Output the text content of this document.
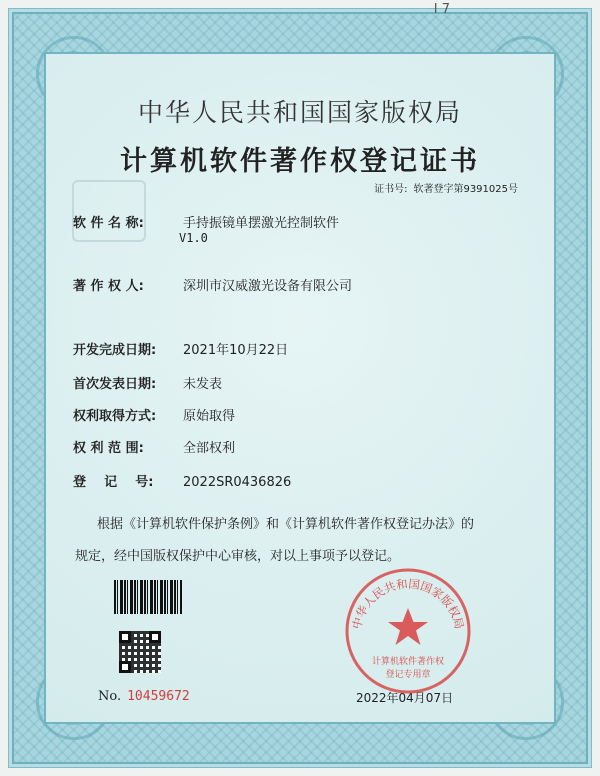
I 7
中华人民共和国国家版权局
计算机软件著作权登记证书
证书号: 软著登字第9391025号
软 件 名 称:	手持振镜单摆激光控制软件
V1.0
著 作 权 人:	深圳市汉威激光设备有限公司
开发完成日期: 2021年10月22日
首次发表日期: 未发表
权利取得方式: 原始取得
权 利 范 围:	全部权利
登    记    号: 2022SR0436826
根据《计算机软件保护条例》和《计算机软件著作权登记办法》的
规定，经中国版权保护中心审核，对以上事项予以登记。
No. 10459672	2022年04月07日
中华人民共和国国家版权局
计算机软件著作权
登记专用章
